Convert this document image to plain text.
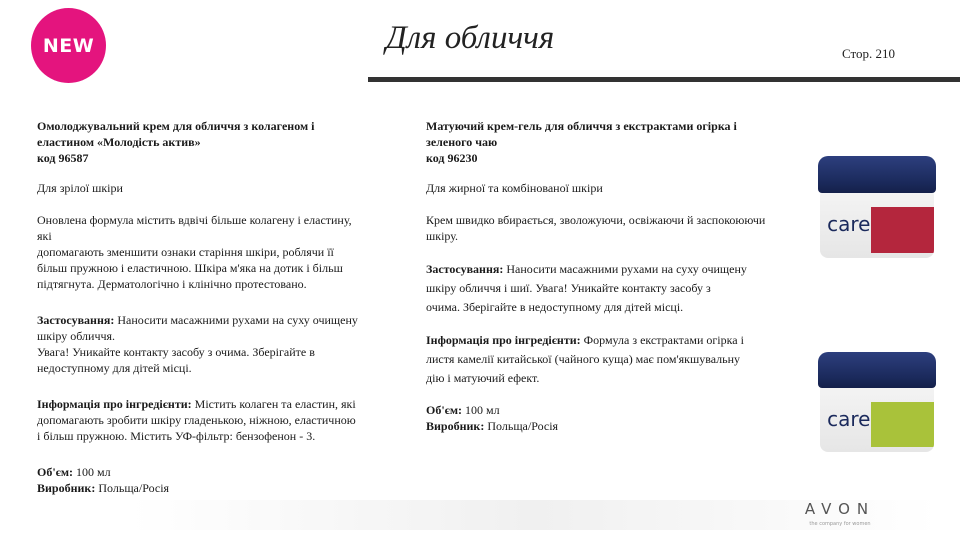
NEW	Для обличчя	Стор. 210
Омолоджувальний крем для обличчя з колагеном і
еластином «Молодість актив»
код 96587
Для зрілої шкіри
Оновлена формула містить вдвічі більше колагену і еластину,
які
допомагають зменшити ознаки старіння шкіри, роблячи її
більш пружною і еластичною. Шкіра м'яка на дотик і більш
підтягнута. Дерматологічно і клінічно протестовано.
Застосування: Наносити масажними рухами на суху очищену
шкіру обличчя.
Увага! Уникайте контакту засобу з очима. Зберігайте в
недоступному для дітей місці.
Інформація про інгредієнти: Містить колаген та еластин, які
допомагають зробити шкіру гладенькою, ніжною, еластичною
і більш пружною. Містить УФ-фільтр: бензофенон - 3.
Об'єм: 100 мл
Виробник: Польща/Росія
Матуючий крем-гель для обличчя з екстрактами огірка і
зеленого чаю
код 96230
Для жирної та комбінованої шкіри
Крем швидко вбирається, зволожуючи, освіжаючи й заспокоюючи
шкіру.
Застосування: Наносити масажними рухами на суху очищену
шкіру обличчя і шиї. Увага! Уникайте контакту засобу з
очима. Зберігайте в недоступному для дітей місці.
Інформація про інгредієнти: Формула з екстрактами огірка і
листя камелії китайської (чайного куща) має пом'якшувальну
дію і матуючий ефект.
Об'єм: 100 мл
Виробник: Польща/Росія
care
care
AVON
the company for women
